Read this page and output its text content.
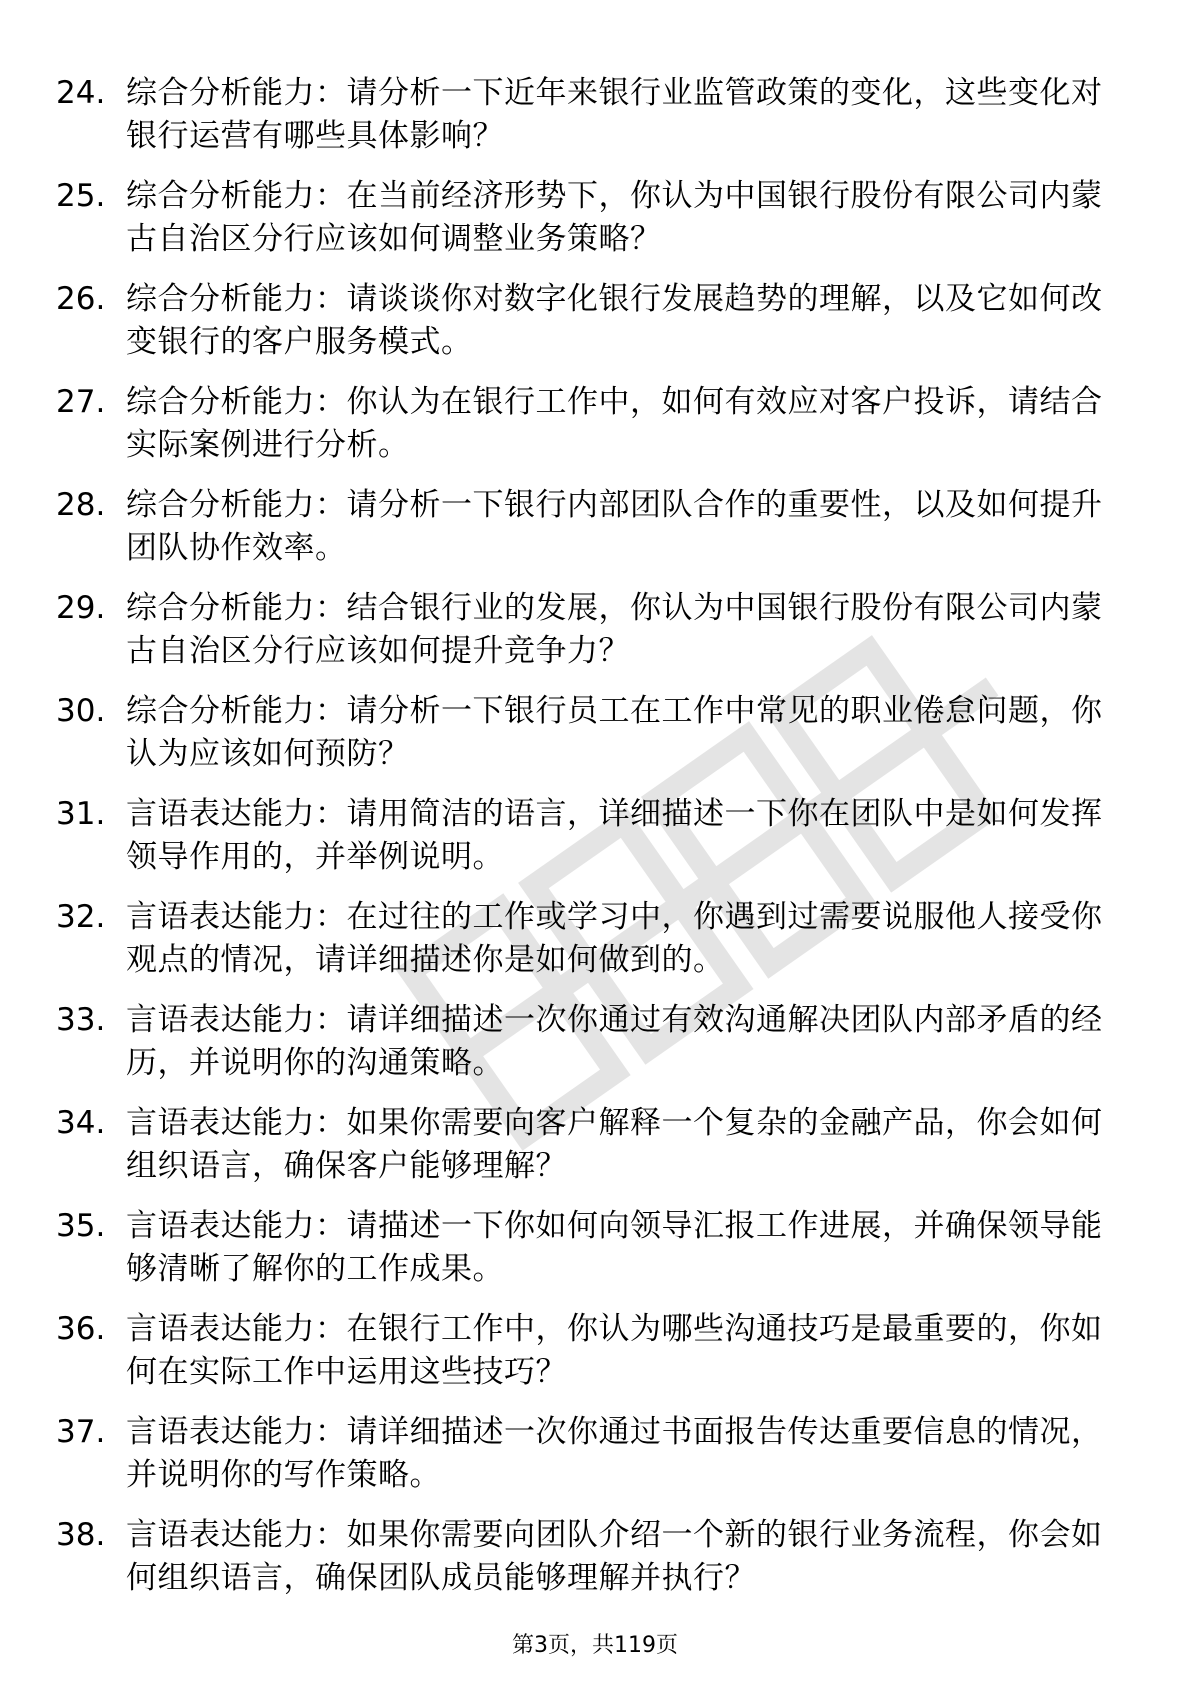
24. 综合分析能力：请分析一下近年来银行业监管政策的变化，这些变化对银行运营有哪些具体影响？
25. 综合分析能力：在当前经济形势下，你认为中国银行股份有限公司内蒙古自治区分行应该如何调整业务策略？
26. 综合分析能力：请谈谈你对数字化银行发展趋势的理解，以及它如何改变银行的客户服务模式。
27. 综合分析能力：你认为在银行工作中，如何有效应对客户投诉，请结合实际案例进行分析。
28. 综合分析能力：请分析一下银行内部团队合作的重要性，以及如何提升团队协作效率。
29. 综合分析能力：结合银行业的发展，你认为中国银行股份有限公司内蒙古自治区分行应该如何提升竞争力？
30. 综合分析能力：请分析一下银行员工在工作中常见的职业倦怠问题，你认为应该如何预防？
31. 言语表达能力：请用简洁的语言，详细描述一下你在团队中是如何发挥领导作用的，并举例说明。
32. 言语表达能力：在过往的工作或学习中，你遇到过需要说服他人接受你观点的情况，请详细描述你是如何做到的。
33. 言语表达能力：请详细描述一次你通过有效沟通解决团队内部矛盾的经历，并说明你的沟通策略。
34. 言语表达能力：如果你需要向客户解释一个复杂的金融产品，你会如何组织语言，确保客户能够理解？
35. 言语表达能力：请描述一下你如何向领导汇报工作进展，并确保领导能够清晰了解你的工作成果。
36. 言语表达能力：在银行工作中，你认为哪些沟通技巧是最重要的，你如何在实际工作中运用这些技巧？
37. 言语表达能力：请详细描述一次你通过书面报告传达重要信息的情况，并说明你的写作策略。
38. 言语表达能力：如果你需要向团队介绍一个新的银行业务流程，你会如何组织语言，确保团队成员能够理解并执行？
第3页，共119页
